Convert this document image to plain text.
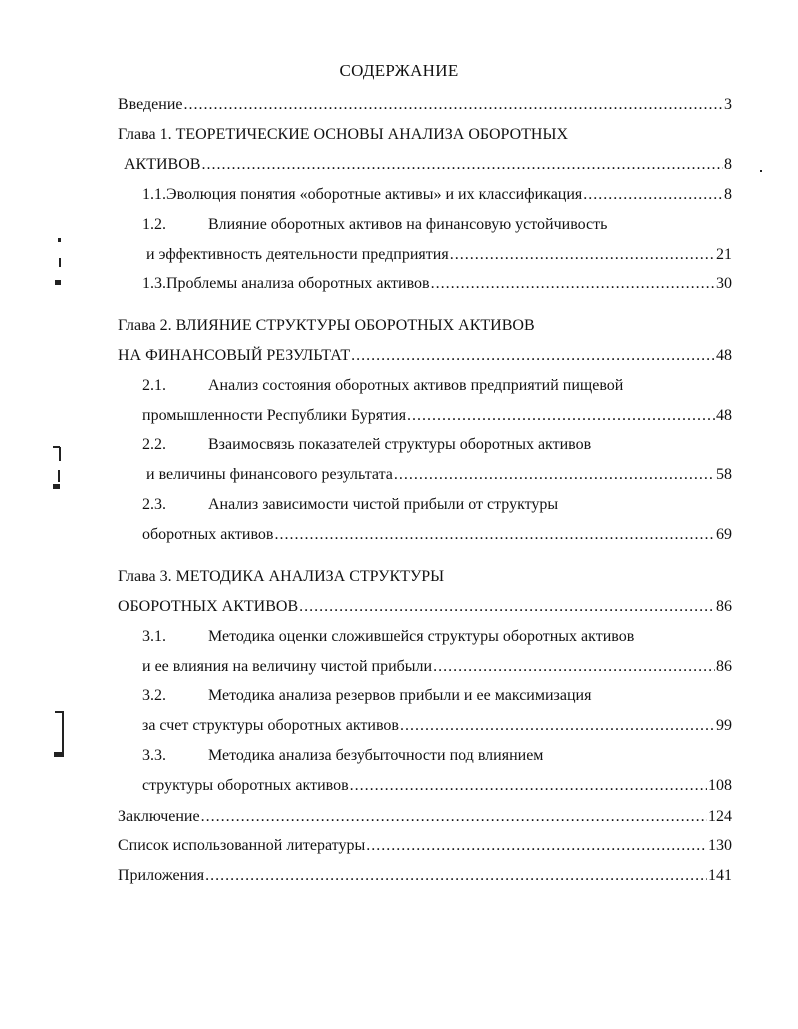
СОДЕРЖАНИЕ
Введение .....	3
Глава 1. ТЕОРЕТИЧЕСКИЕ ОСНОВЫ АНАЛИЗА ОБОРОТНЫХ
АКТИВОВ .....	8
1.1. Эволюция понятия «оборотные активы» и их классификация .....	8
1.2.	Влияние оборотных активов на финансовую устойчивость
и эффективность деятельности предприятия .....	21
1.3. Проблемы анализа оборотных активов .....	30
Глава 2. ВЛИЯНИЕ СТРУКТУРЫ ОБОРОТНЫХ АКТИВОВ
НА ФИНАНСОВЫЙ РЕЗУЛЬТАТ .....	48
2.1.	Анализ состояния оборотных активов предприятий пищевой
промышленности Республики Бурятия .....	48
2.2.	Взаимосвязь показателей структуры оборотных активов
и величины финансового результата .....	58
2.3.	Анализ зависимости чистой прибыли от структуры
оборотных активов .....	69
Глава 3. МЕТОДИКА АНАЛИЗА СТРУКТУРЫ
ОБОРОТНЫХ АКТИВОВ .....	86
3.1.	Методика оценки сложившейся структуры оборотных активов
и ее влияния на величину чистой прибыли .....	86
3.2.	Методика анализа резервов прибыли и ее максимизация
за счет структуры оборотных активов .....	99
3.3.	Методика анализа безубыточности под влиянием
структуры оборотных активов .....	108
Заключение .....	124
Список использованной литературы .....	130
Приложения .....	141
